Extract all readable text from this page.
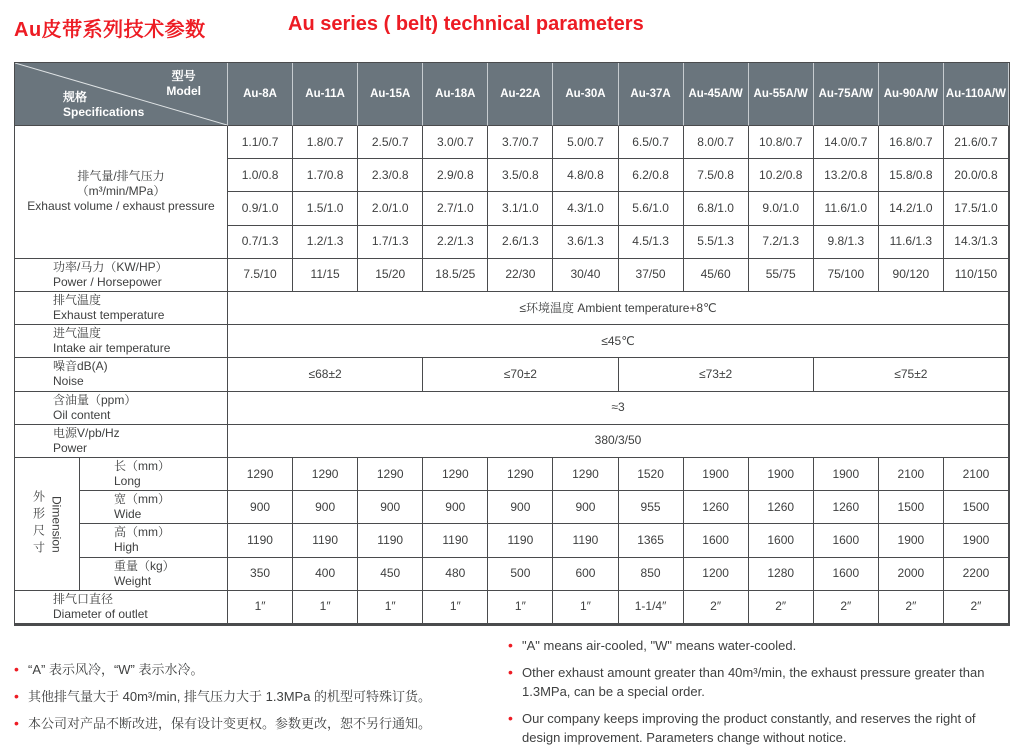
Au皮带系列技术参数	Au series ( belt) technical parameters
型号
Model
规格
Specifications
Au-8A	Au-11A	Au-15A	Au-18A	Au-22A	Au-30A	Au-37A	Au-45A/W Au-55A/W Au-75A/W Au-90A/W Au-110A/W
排气量/排气压力
（m³/min/MPa）
Exhaust volume / exhaust pressure
1.1/0.7	1.8/0.7	2.5/0.7	3.0/0.7	3.7/0.7	5.0/0.7	6.5/0.7	8.0/0.7	10.8/0.7	14.0/0.7	16.8/0.7	21.6/0.7
1.0/0.8	1.7/0.8	2.3/0.8	2.9/0.8	3.5/0.8	4.8/0.8	6.2/0.8	7.5/0.8	10.2/0.8	13.2/0.8	15.8/0.8	20.0/0.8
0.9/1.0	1.5/1.0	2.0/1.0	2.7/1.0	3.1/1.0	4.3/1.0	5.6/1.0	6.8/1.0	9.0/1.0	11.6/1.0	14.2/1.0	17.5/1.0
0.7/1.3	1.2/1.3	1.7/1.3	2.2/1.3	2.6/1.3	3.6/1.3	4.5/1.3	5.5/1.3	7.2/1.3	9.8/1.3	11.6/1.3	14.3/1.3
功率/马力（KW/HP）
Power / Horsepower
7.5/10	11/15	15/20	18.5/25	22/30	30/40	37/50	45/60	55/75	75/100	90/120	110/150
排气温度
Exhaust temperature
≤环境温度 Ambient temperature+8℃
进气温度
Intake air temperature
≤45℃
噪音dB(A)
Noise
≤68±2	≤70±2	≤73±2	≤75±2
含油量（ppm）
Oil content
≈3
电源V/pb/Hz
Power
380/3/50
外形尺寸 Dimension
长（mm）
Long
1290	1290	1290	1290	1290	1290	1520	1900	1900	1900	2100	2100
宽（mm）
Wide
900	900	900	900	900	900	955	1260	1260	1260	1500	1500
高（mm）
High
1190	1190	1190	1190	1190	1190	1365	1600	1600	1600	1900	1900
重量（kg）
Weight
350	400	450	480	500	600	850	1200	1280	1600	2000	2200
排气口直径
Diameter of outlet
1″	1″	1″	1″	1″	1″	1-1/4″	2″	2″	2″	2″	2″
• “A” 表示风冷，“W” 表示水冷。
• 其他排气量大于 40m³/min, 排气压力大于 1.3MPa 的机型可特殊订货。
• 本公司对产品不断改进，保有设计变更权。参数更改，恕不另行通知。
• "A" means air-cooled, "W" means water-cooled.
• Other exhaust amount greater than 40m³/min, the exhaust pressure greater than 1.3MPa, can be a special order.
• Our company keeps improving the product constantly, and reserves the right of design improvement. Parameters change without notice.
